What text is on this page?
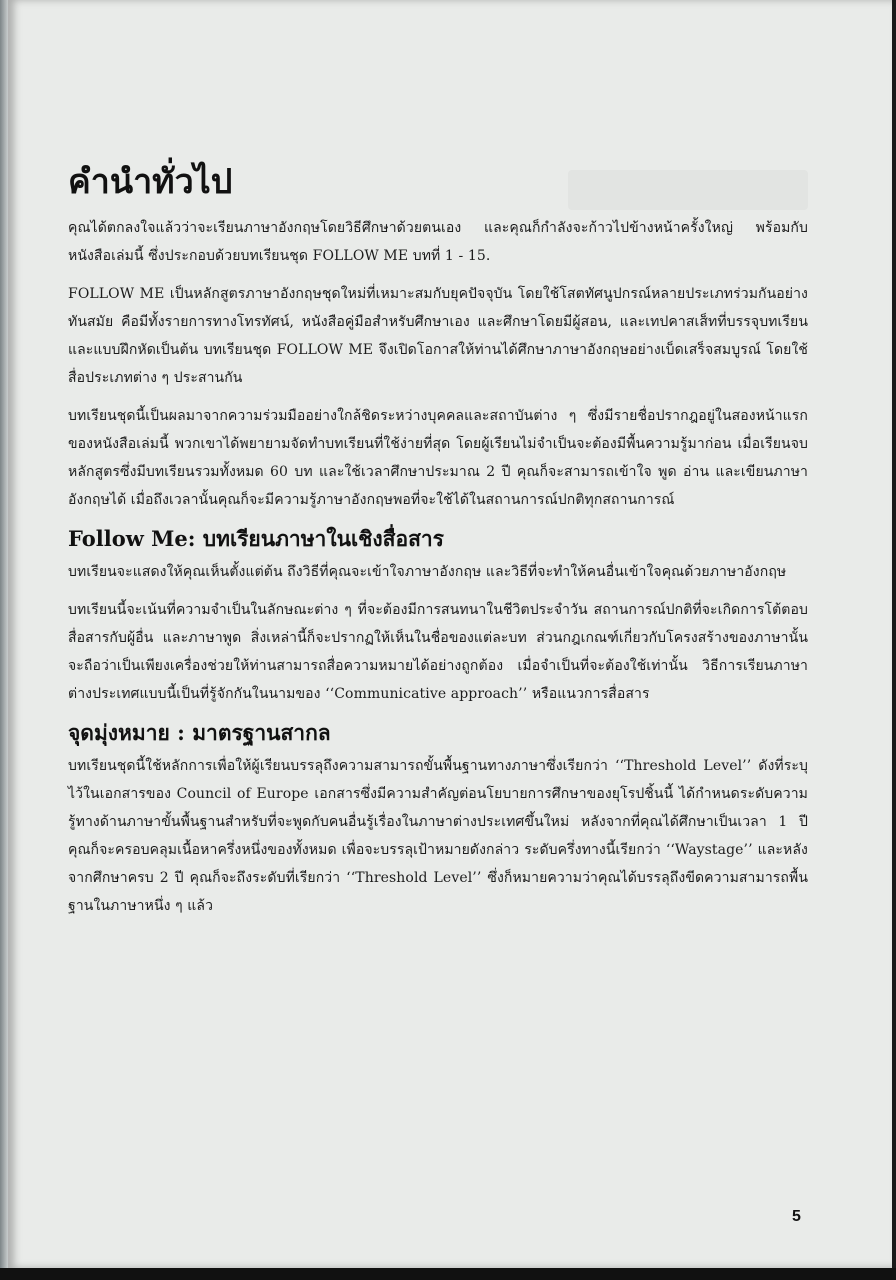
คำนำทั่วไป

คุณได้ตกลงใจแล้วว่าจะเรียนภาษาอังกฤษโดยวิธีศึกษาด้วยตนเอง และคุณก็กำลังจะก้าวไปข้างหน้าครั้งใหญ่ พร้อมกับหนังสือเล่มนี้ ซึ่งประกอบด้วยบทเรียนชุด FOLLOW ME บทที่ 1 - 15.

FOLLOW ME เป็นหลักสูตรภาษาอังกฤษชุดใหม่ที่เหมาะสมกับยุคปัจจุบัน โดยใช้โสตทัศนูปกรณ์หลายประเภทร่วมกันอย่างทันสมัย คือมีทั้งรายการทางโทรทัศน์, หนังสือคู่มือสำหรับศึกษาเอง และศึกษาโดยมีผู้สอน, และเทปคาสเส็ทที่บรรจุบทเรียนและแบบฝึกหัดเป็นต้น บทเรียนชุด FOLLOW ME จึงเปิดโอกาสให้ท่านได้ศึกษาภาษาอังกฤษอย่างเบ็ดเสร็จสมบูรณ์ โดยใช้สื่อประเภทต่าง ๆ ประสานกัน

บทเรียนชุดนี้เป็นผลมาจากความร่วมมืออย่างใกล้ชิดระหว่างบุคคลและสถาบันต่าง ๆ ซึ่งมีรายชื่อปรากฎอยู่ในสองหน้าแรกของหนังสือเล่มนี้ พวกเขาได้พยายามจัดทำบทเรียนที่ใช้ง่ายที่สุด โดยผู้เรียนไม่จำเป็นจะต้องมีพื้นความรู้มาก่อน เมื่อเรียนจบหลักสูตรซึ่งมีบทเรียนรวมทั้งหมด 60 บท และใช้เวลาศึกษาประมาณ 2 ปี คุณก็จะสามารถเข้าใจ พูด อ่าน และเขียนภาษาอังกฤษได้ เมื่อถึงเวลานั้นคุณก็จะมีความรู้ภาษาอังกฤษพอที่จะใช้ได้ในสถานการณ์ปกติทุกสถานการณ์

Follow Me: บทเรียนภาษาในเชิงสื่อสาร

บทเรียนจะแสดงให้คุณเห็นตั้งแต่ต้น ถึงวิธีที่คุณจะเข้าใจภาษาอังกฤษ และวิธีที่จะทำให้คนอื่นเข้าใจคุณด้วยภาษาอังกฤษ

บทเรียนนี้จะเน้นที่ความจำเป็นในลักษณะต่าง ๆ ที่จะต้องมีการสนทนาในชีวิตประจำวัน สถานการณ์ปกติที่จะเกิดการโต้ตอบสื่อสารกับผู้อื่น และภาษาพูด สิ่งเหล่านี้ก็จะปรากฏให้เห็นในชื่อของแต่ละบท ส่วนกฎเกณฑ์เกี่ยวกับโครงสร้างของภาษานั้นจะถือว่าเป็นเพียงเครื่องช่วยให้ท่านสามารถสื่อความหมายได้อย่างถูกต้อง เมื่อจำเป็นที่จะต้องใช้เท่านั้น วิธีการเรียนภาษาต่างประเทศแบบนี้เป็นที่รู้จักกันในนามของ ‘‘Communicative approach’’ หรือแนวการสื่อสาร

จุดมุ่งหมาย : มาตรฐานสากล

บทเรียนชุดนี้ใช้หลักการเพื่อให้ผู้เรียนบรรลุถึงความสามารถขั้นพื้นฐานทางภาษาซึ่งเรียกว่า ‘‘Threshold Level’’ ดังที่ระบุไว้ในเอกสารของ Council of Europe เอกสารซึ่งมีความสำคัญต่อนโยบายการศึกษาของยุโรปชิ้นนี้ ได้กำหนดระดับความรู้ทางด้านภาษาขั้นพื้นฐานสำหรับที่จะพูดกับคนอื่นรู้เรื่องในภาษาต่างประเทศขึ้นใหม่ หลังจากที่คุณได้ศึกษาเป็นเวลา 1 ปี คุณก็จะครอบคลุมเนื้อหาครึ่งหนึ่งของทั้งหมด เพื่อจะบรรลุเป้าหมายดังกล่าว ระดับครึ่งทางนี้เรียกว่า ‘‘Waystage’’ และหลังจากศึกษาครบ 2 ปี คุณก็จะถึงระดับที่เรียกว่า ‘‘Threshold Level’’ ซึ่งก็หมายความว่าคุณได้บรรลุถึงขีดความสามารถพื้นฐานในภาษาหนึ่ง ๆ แล้ว

5
